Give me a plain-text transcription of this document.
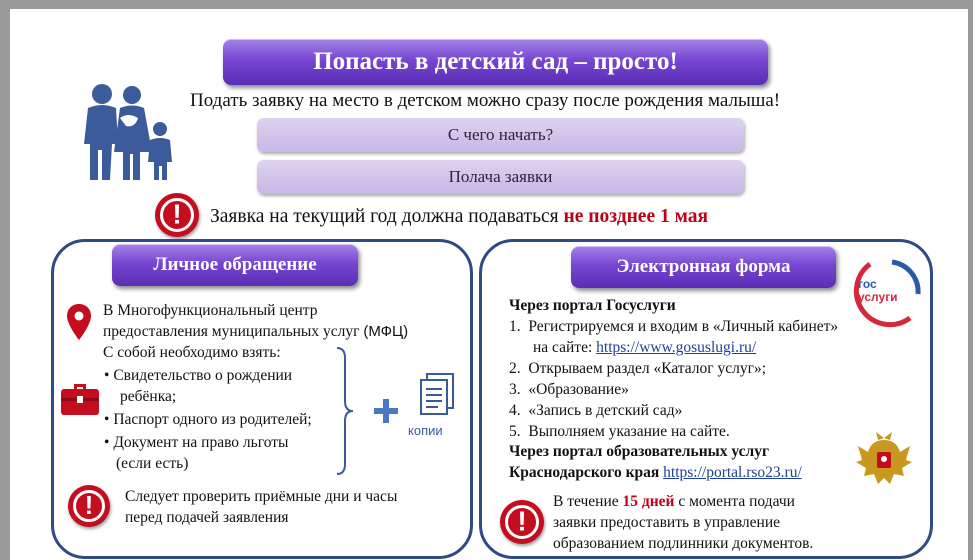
Попасть в детский сад – просто!
Подать заявку на место в детском можно сразу после рождения малыша!
С чего начать?
Полача заявки
!	Заявка на текущий год должна подаваться не позднее 1 мая
Личное обращение
В Многофункциональный центр
предоставления муниципальных услуг (МФЦ)
С собой необходимо взять:
• Свидетельство о рождении
ребёнка;
• Паспорт одного из родителей;
• Документ на право льготы
(если есть)
копии
!	Следует проверить приёмные дни и часы
перед подачей заявления
Электронная форма
гос
услуги
Через портал Госуслуги
1. Регистрируемся и входим в «Личный кабинет»
на сайте: https://www.gosuslugi.ru/
2. Открываем раздел «Каталог услуг»;
3. «Образование»
4. «Запись в детский сад»
5. Выполняем указание на сайте.
Через портал образовательных услуг
Краснодарского края https://portal.rso23.ru/
!
В течение 15 дней с момента подачи
заявки предоставить в управление
образованием подлинники документов.
